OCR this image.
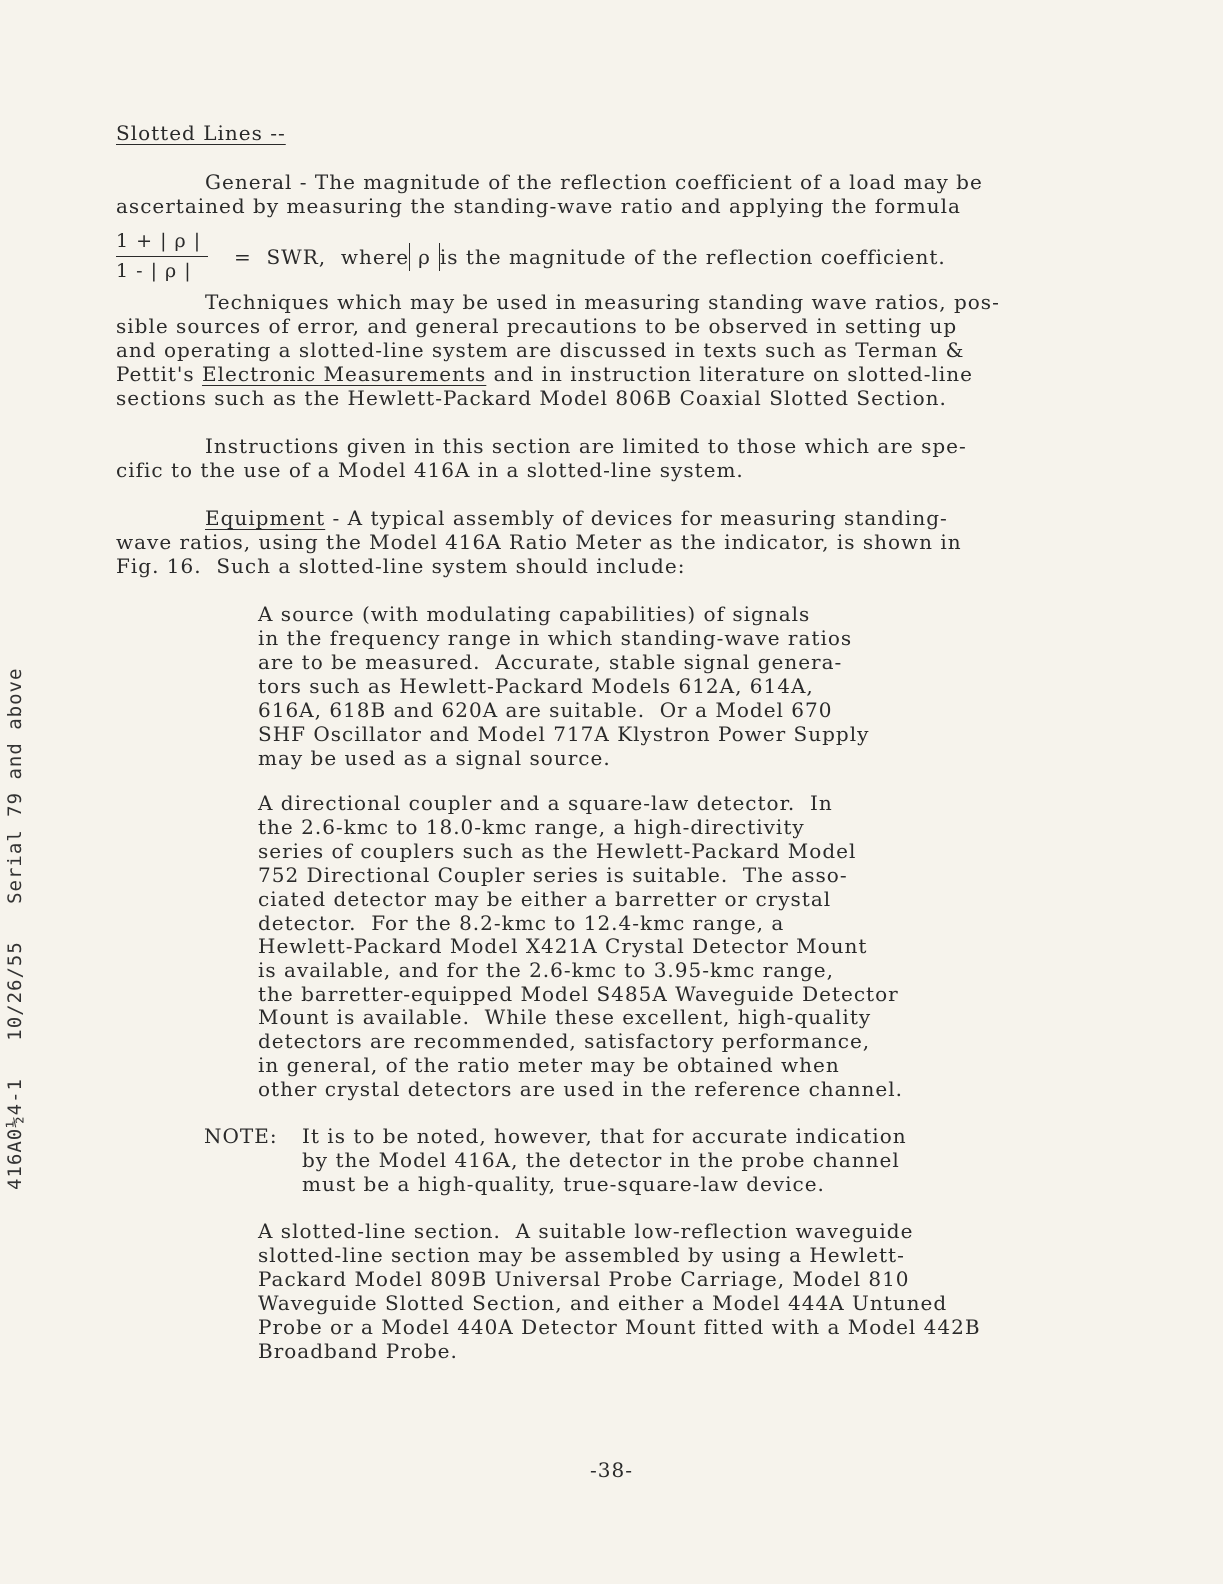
416A0½4-1   10/26/55   Serial 79 and above
Slotted Lines --
General - The magnitude of the reflection coefficient of a load may be
ascertained by measuring the standing-wave ratio and applying the formula
1 + | ρ |
1 - | ρ |
=  SWR,  where ρ is the magnitude of the reflection coefficient.
Techniques which may be used in measuring standing wave ratios, pos-
sible sources of error, and general precautions to be observed in setting up
and operating a slotted-line system are discussed in texts such as Terman &
Pettit's Electronic Measurements and in instruction literature on slotted-line
sections such as the Hewlett-Packard Model 806B Coaxial Slotted Section.
Instructions given in this section are limited to those which are spe-
cific to the use of a Model 416A in a slotted-line system.
Equipment - A typical assembly of devices for measuring standing-
wave ratios, using the Model 416A Ratio Meter as the indicator, is shown in
Fig. 16.  Such a slotted-line system should include:
A source (with modulating capabilities) of signals
in the frequency range in which standing-wave ratios
are to be measured.  Accurate, stable signal genera-
tors such as Hewlett-Packard Models 612A, 614A,
616A, 618B and 620A are suitable.  Or a Model 670
SHF Oscillator and Model 717A Klystron Power Supply
may be used as a signal source.
A directional coupler and a square-law detector.  In
the 2.6-kmc to 18.0-kmc range, a high-directivity
series of couplers such as the Hewlett-Packard Model
752 Directional Coupler series is suitable.  The asso-
ciated detector may be either a barretter or crystal
detector.  For the 8.2-kmc to 12.4-kmc range, a
Hewlett-Packard Model X421A Crystal Detector Mount
is available, and for the 2.6-kmc to 3.95-kmc range,
the barretter-equipped Model S485A Waveguide Detector
Mount is available.  While these excellent, high-quality
detectors are recommended, satisfactory performance,
in general, of the ratio meter may be obtained when
other crystal detectors are used in the reference channel.
NOTE: It is to be noted, however, that for accurate indication
by the Model 416A, the detector in the probe channel
must be a high-quality, true-square-law device.
A slotted-line section.  A suitable low-reflection waveguide
slotted-line section may be assembled by using a Hewlett-
Packard Model 809B Universal Probe Carriage, Model 810
Waveguide Slotted Section, and either a Model 444A Untuned
Probe or a Model 440A Detector Mount fitted with a Model 442B
Broadband Probe.
-38-
